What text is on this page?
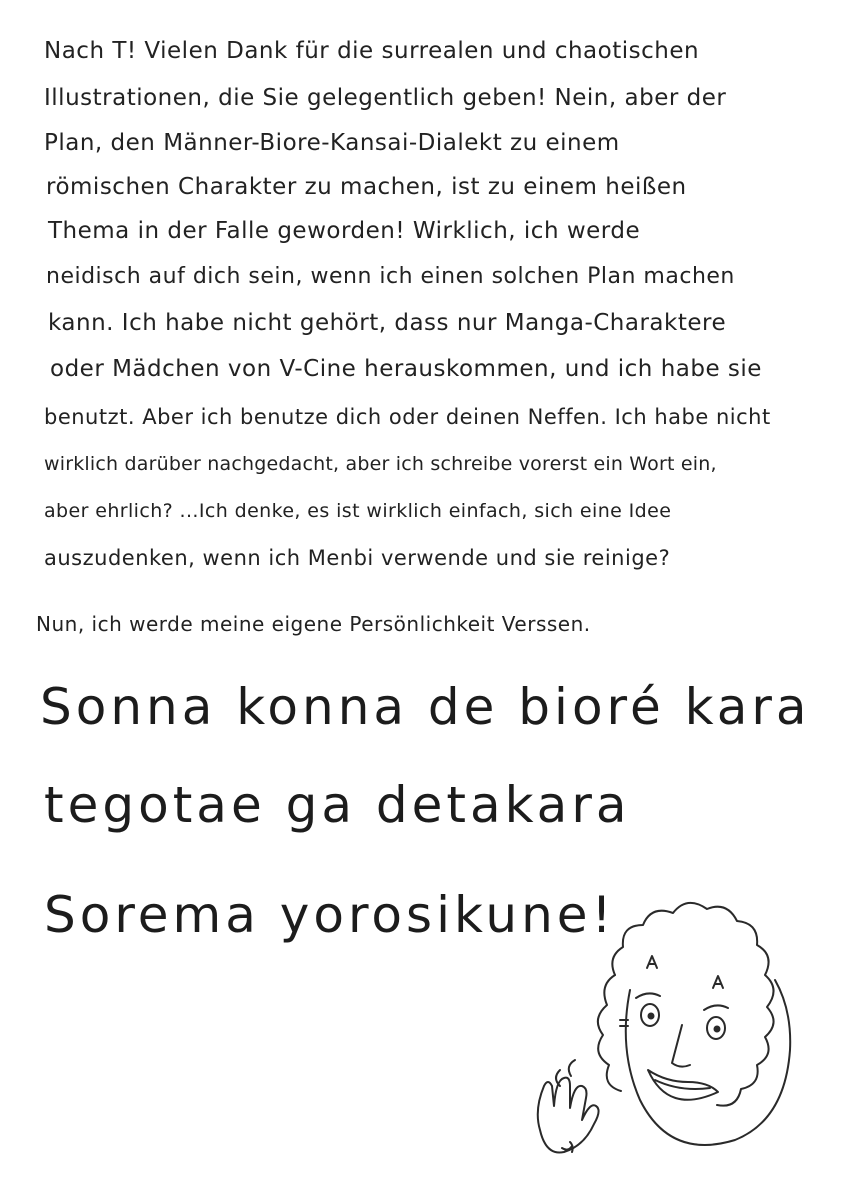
Nach T! Vielen Dank für die surrealen und chaotischen
Illustrationen, die Sie gelegentlich geben! Nein, aber der
Plan, den Männer-Biore-Kansai-Dialekt zu einem
römischen Charakter zu machen, ist zu einem heißen
Thema in der Falle geworden! Wirklich, ich werde
neidisch auf dich sein, wenn ich einen solchen Plan machen
kann. Ich habe nicht gehört, dass nur Manga-Charaktere
oder Mädchen von V-Cine herauskommen, und ich habe sie
benutzt. Aber ich benutze dich oder deinen Neffen. Ich habe nicht
wirklich darüber nachgedacht, aber ich schreibe vorerst ein Wort ein,
aber ehrlich? ...Ich denke, es ist wirklich einfach, sich eine Idee
auszudenken, wenn ich Menbi verwende und sie reinige?
Nun, ich werde meine eigene Persönlichkeit Verssen.
Sonna konna de bioré kara
tegotae ga detakara
Sorema yorosikune!
